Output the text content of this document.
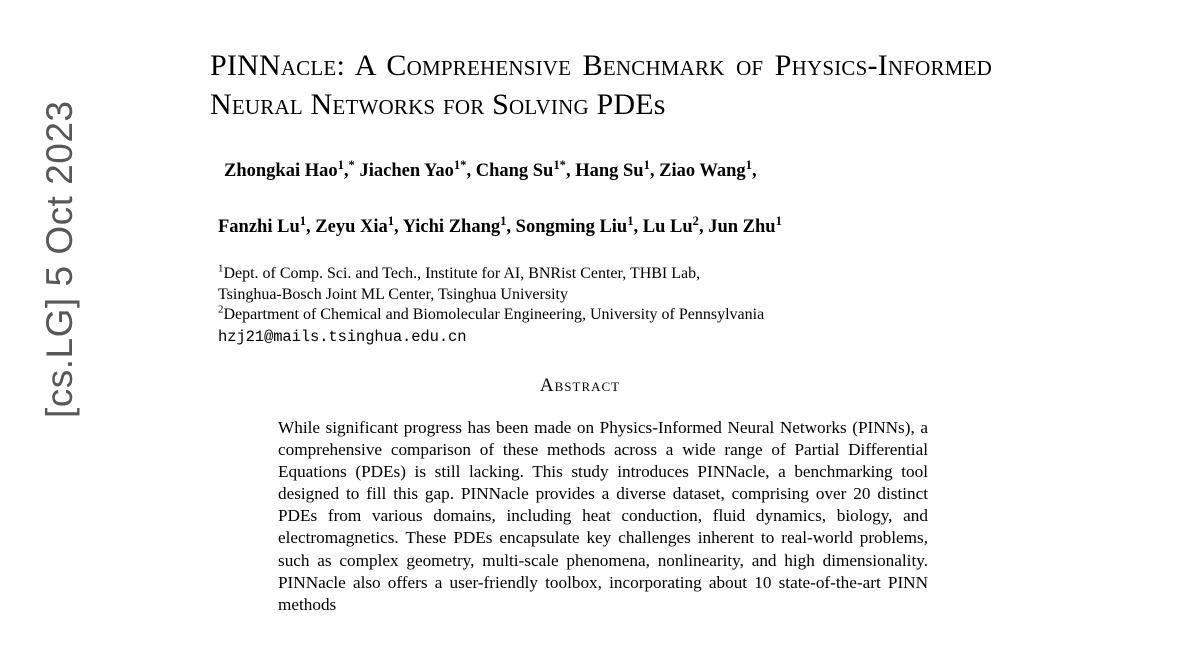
[cs.LG] 5 Oct 2023
PINNacle: A Comprehensive Benchmark of Physics-Informed Neural Networks for Solving PDEs
Zhongkai Hao$^1$,* Jiachen Yao$^{1*}$, Chang $Su^{1*}$, Hang Su$^1$, Ziao Wang$^1$,
Fanzhi Lu$^1$, Zeyu Xia$^1$, Yichi Zhang$^1$, Songming Liu$^1$, Lu Lu$^2$, Jun Zhu$^1$
$^1$Dept. of Comp. Sci. and Tech., Institute for AI, BNRist Center, THBI Lab,
Tsinghua-Bosch Joint ML Center, Tsinghua University
$^2$Department of Chemical and Biomolecular Engineering, University of Pennsylvania
hzj21@mails.tsinghua.edu.cn
Abstract
While significant progress has been made on Physics-Informed Neural Networks (PINNs), a comprehensive comparison of these methods across a wide range of Partial Differential Equations (PDEs) is still lacking. This study introduces PINNacle, a benchmarking tool designed to fill this gap. PINNacle provides a diverse dataset, comprising over 20 distinct PDEs from various domains, including heat conduction, fluid dynamics, biology, and electromagnetics. These PDEs encapsulate key challenges inherent to real-world problems, such as complex geometry, multi-scale phenomena, nonlinearity, and high dimensionality. PINNacle also offers a user-friendly toolbox, incorporating about 10 state-of-the-art PINN methods
